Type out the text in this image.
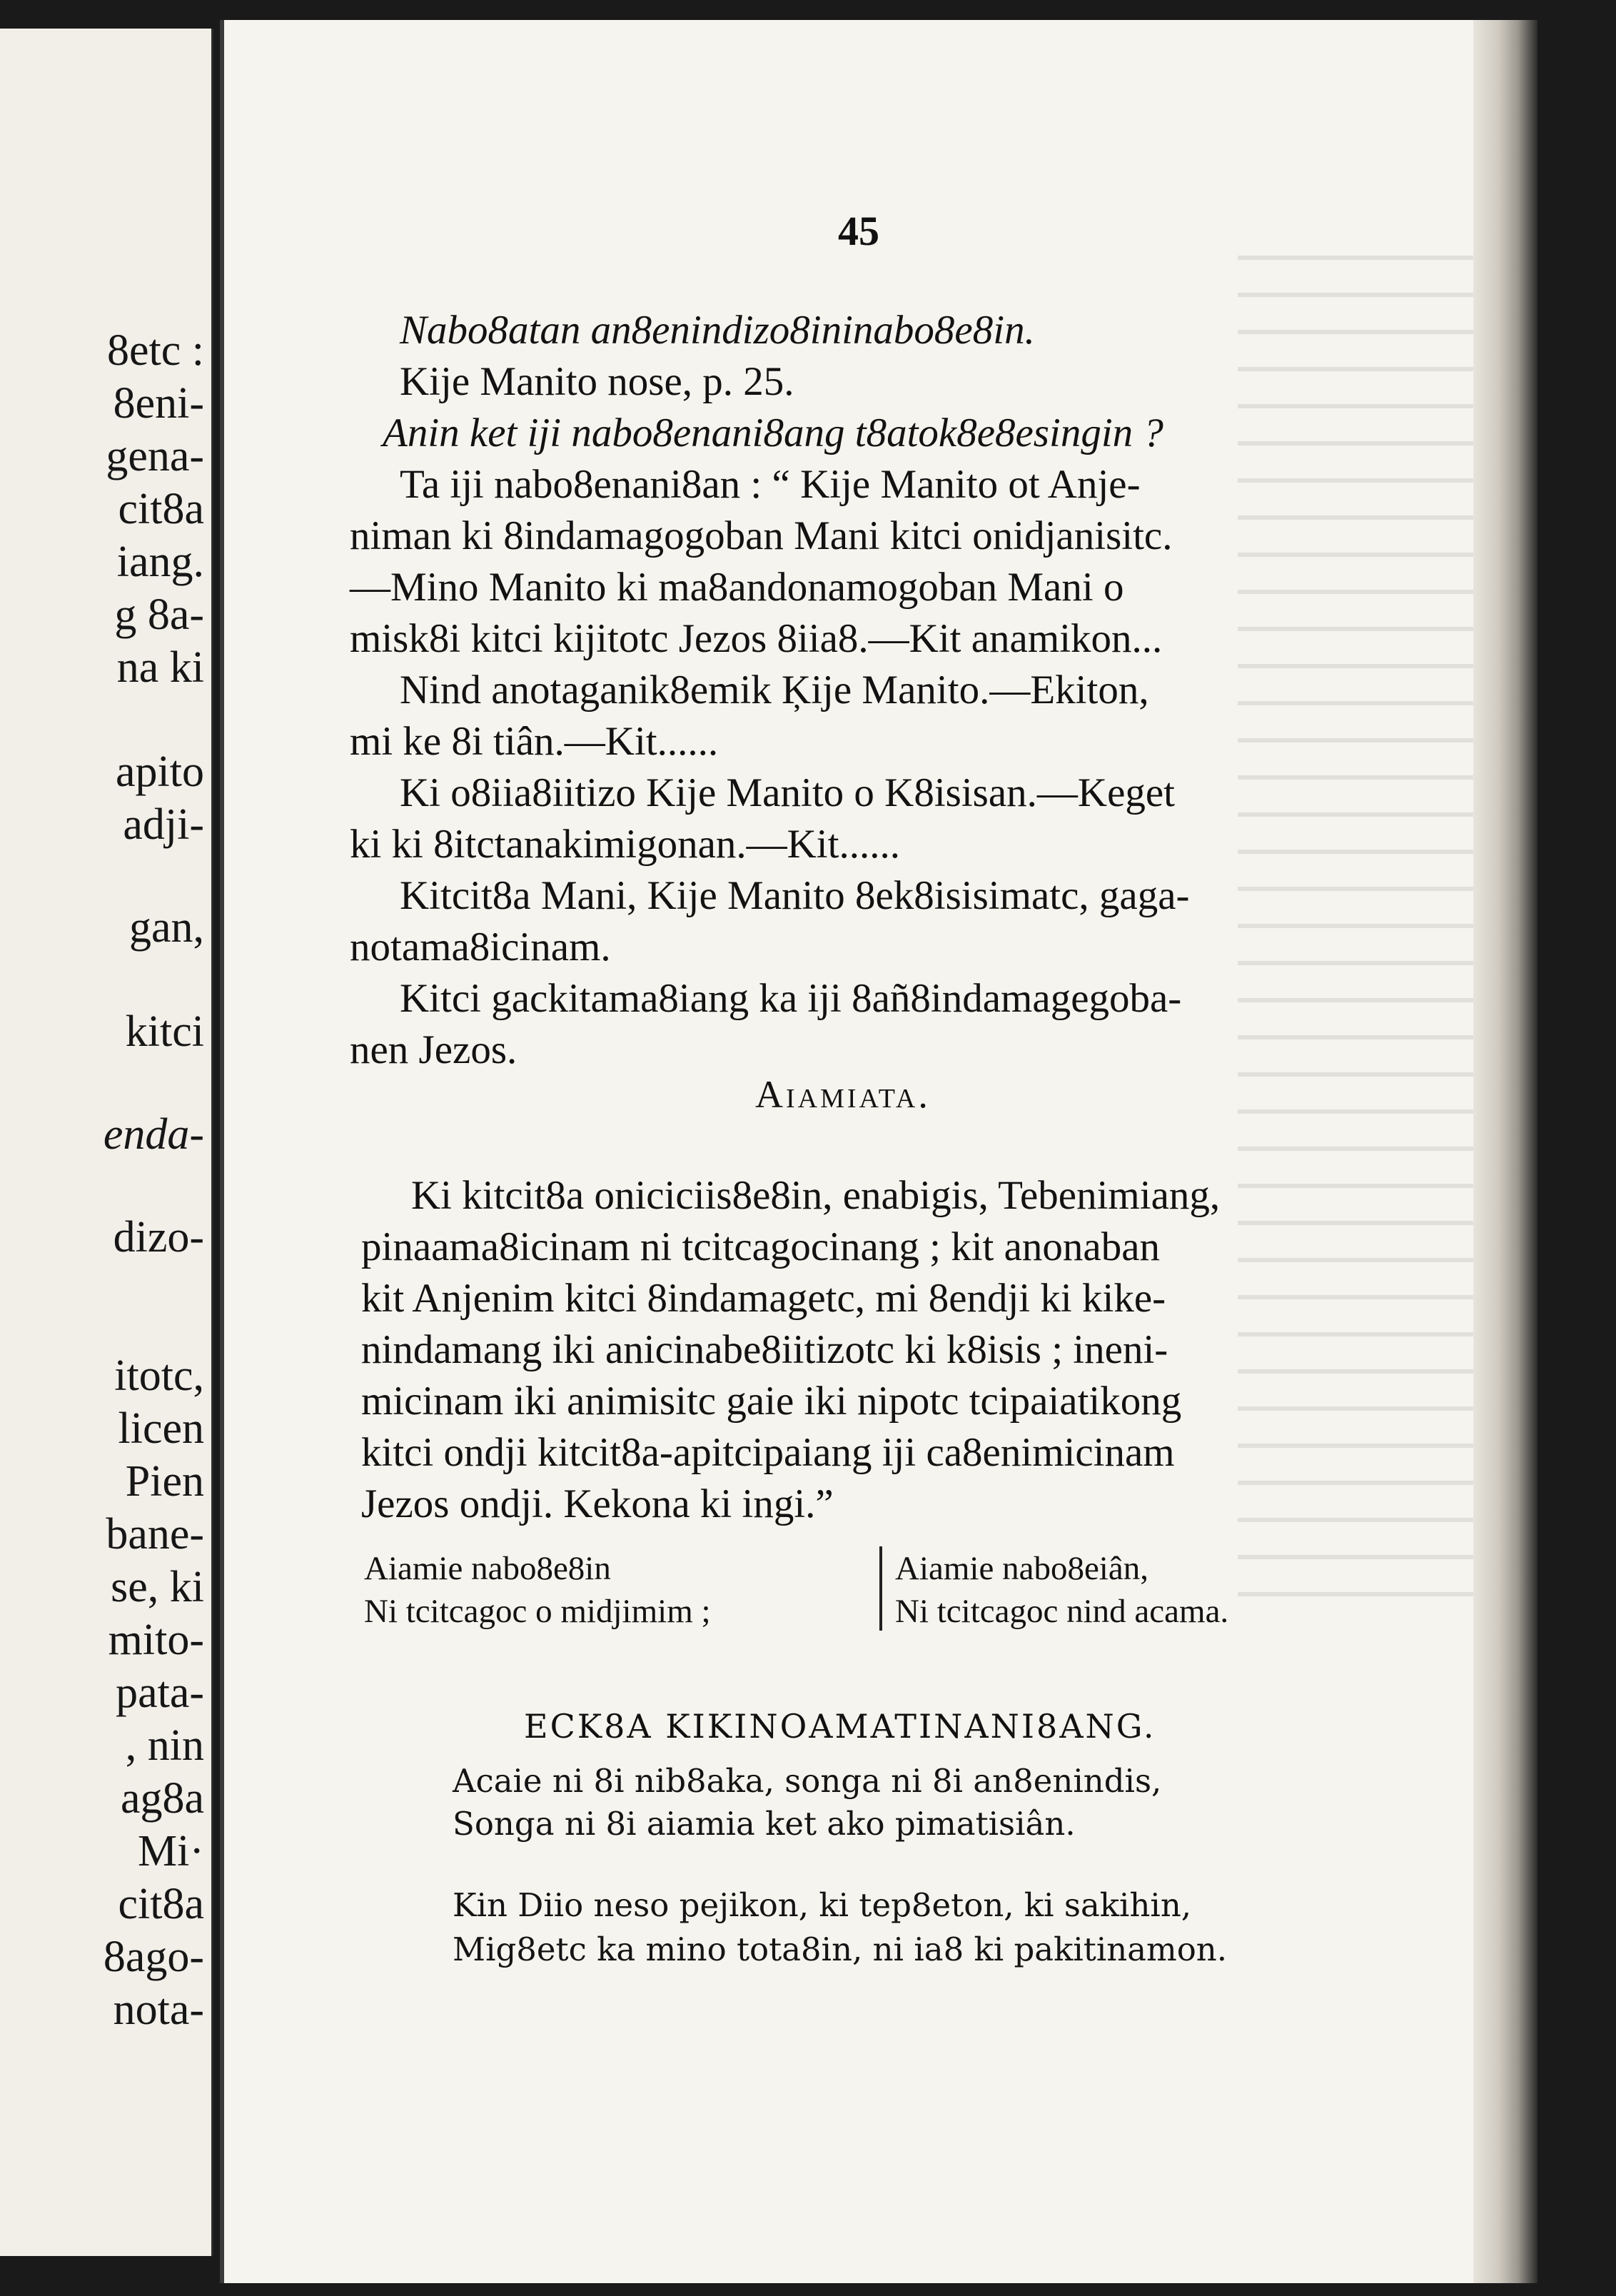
8etc :
8eni-
gena-
cit8a
iang.
g 8a-
na ki
apito
adji-
gan,
kitci
enda-
dizo-
itotc,
licen
Pien
bane-
se, ki
mito-
pata-
, nin
ag8a
Mi·
cit8a
8ago-
nota-
45
Nabo8atan an8enindizo8ininabo8e8in.
Kije Manito nose, p. 25.
Anin ket iji nabo8enani8ang t8atok8e8esingin ?
Ta iji nabo8enani8an : “ Kije Manito ot Anje-
niman ki 8indamagogoban Mani kitci onidjanisitc.
—Mino Manito ki ma8andonamogoban Mani o
misk8i kitci kijitotc Jezos 8iia8.—Kit anamikon...
Nind anotaganik8emik Ķije Manito.—Ekiton,
mi ke 8i tiân.—Kit......
Ki o8iia8iitizo Kije Manito o K8isisan.—Keget
ki ki 8itctanakimigonan.—Kit......
Kitcit8a Mani, Kije Manito 8ek8isisimatc, gaga-
notama8icinam.
Kitci gackitama8iang ka iji 8añ8indamagegoba-
nen Jezos.
Aiamiata.
Ki kitcit8a oniciciis8e8in, enabigis, Tebenimiang,
pinaama8icinam ni tcitcagocinang ; kit anonaban
kit Anjenim kitci 8indamagetc, mi 8endji ki kike-
nindamang iki anicinabe8iitizotc ki k8isis ; ineni-
micinam iki animisitc gaie iki nipotc tcipaiatikong
kitci ondji kitcit8a-apitcipaiang iji ca8enimicinam
Jezos ondji. Kekona ki ingi.”
Aiamie nabo8e8in
Ni tcitcagoc o midjimim ;
Aiamie nabo8eiân,
Ni tcitcagoc nind acama.
ECK8A KIKINOAMATINANI8ANG.
Acaie ni 8i nib8aka, songa ni 8i an8enindis,
Songa ni 8i aiamia ket ako pimatisiân.
Kin Diio neso pejikon, ki tep8eton, ki sakihin,
Mig8etc ka mino tota8in, ni ia8 ki pakitinamon.
